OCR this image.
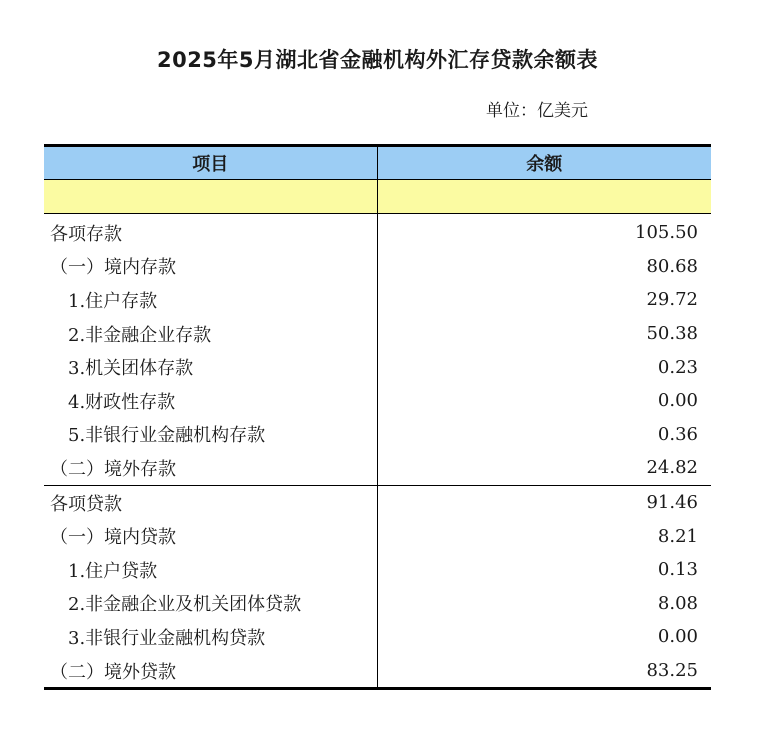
2025年5月湖北省金融机构外汇存贷款余额表
单位：亿美元
项目	余额

各项存款	105.50
（一）境内存款	80.68
1.住户存款	29.72
2.非金融企业存款	50.38
3.机关团体存款	0.23
4.财政性存款	0.00
5.非银行业金融机构存款	0.36
（二）境外存款	24.82
各项贷款	91.46
（一）境内贷款	8.21
1.住户贷款	0.13
2.非金融企业及机关团体贷款	8.08
3.非银行业金融机构贷款	0.00
（二）境外贷款	83.25
